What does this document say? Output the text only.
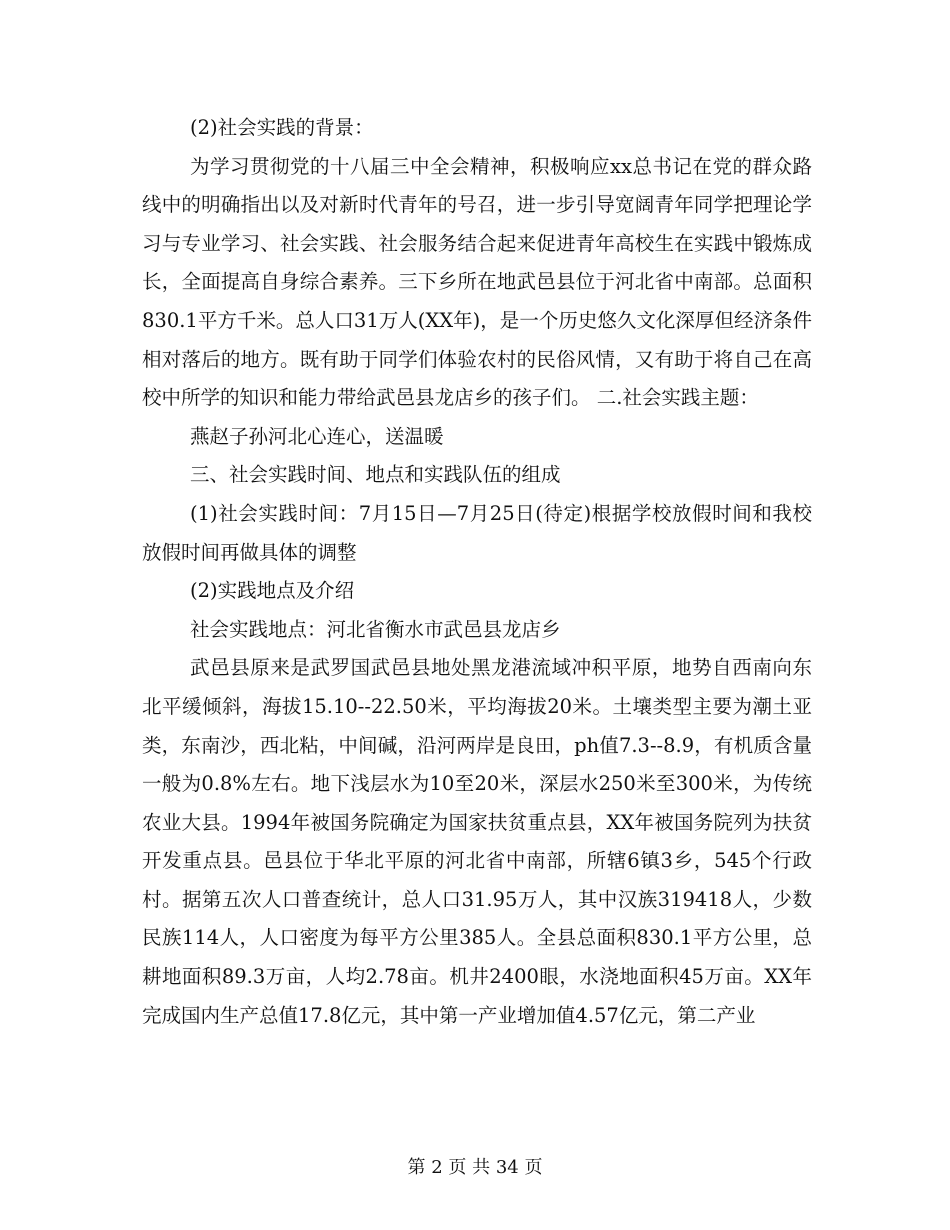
(2)社会实践的背景：

为学习贯彻党的十八届三中全会精神，积极响应xx总书记在党的群众路线中的明确指出以及对新时代青年的号召，进一步引导宽阔青年同学把理论学习与专业学习、社会实践、社会服务结合起来促进青年高校生在实践中锻炼成长，全面提高自身综合素养。三下乡所在地武邑县位于河北省中南部。总面积830.1平方千米。总人口31万人(XX年)，是一个历史悠久文化深厚但经济条件相对落后的地方。既有助于同学们体验农村的民俗风情，又有助于将自己在高校中所学的知识和能力带给武邑县龙店乡的孩子们。 二.社会实践主题：

燕赵子孙河北心连心，送温暖

三、社会实践时间、地点和实践队伍的组成

(1)社会实践时间：7月15日—7月25日(待定)根据学校放假时间和我校放假时间再做具体的调整

(2)实践地点及介绍

社会实践地点：河北省衡水市武邑县龙店乡

武邑县原来是武罗国武邑县地处黑龙港流域冲积平原，地势自西南向东北平缓倾斜，海拔15.10--22.50米，平均海拔20米。土壤类型主要为潮土亚类，东南沙，西北粘，中间碱，沿河两岸是良田，ph值7.3--8.9，有机质含量一般为0.8%左右。地下浅层水为10至20米，深层水250米至300米，为传统农业大县。1994年被国务院确定为国家扶贫重点县，XX年被国务院列为扶贫开发重点县。邑县位于华北平原的河北省中南部，所辖6镇3乡，545个行政村。据第五次人口普查统计，总人口31.95万人，其中汉族319418人，少数民族114人，人口密度为每平方公里385人。全县总面积830.1平方公里，总耕地面积89.3万亩，人均2.78亩。机井2400眼，水浇地面积45万亩。XX年完成国内生产总值17.8亿元，其中第一产业增加值4.57亿元，第二产业

第 2 页 共 34 页
